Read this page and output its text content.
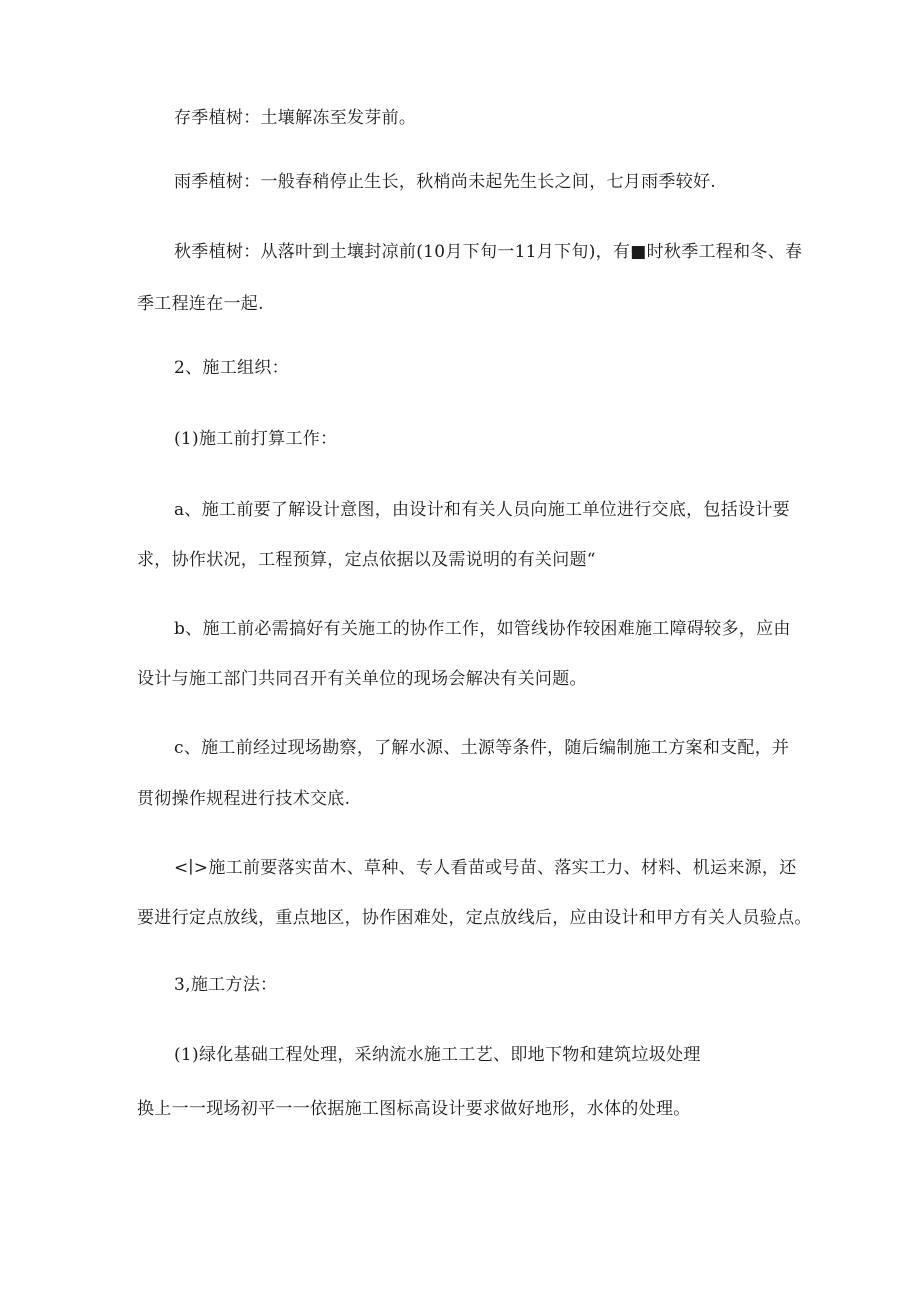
存季植树：土壤解冻至发芽前。
雨季植树：一般春稍停止生长，秋梢尚未起先生长之间，七月雨季较好.
秋季植树：从落叶到土壤封凉前(10月下旬一11月下旬)，有■时秋季工程和冬、春
季工程连在一起.
2、施工组织：
(1)施工前打算工作：
a、施工前要了解设计意图，由设计和有关人员向施工单位进行交底，包括设计要
求，协作状况，工程预算，定点依据以及需说明的有关问题“
b、施工前必需搞好有关施工的协作工作，如管线协作较困难施工障碍较多，应由
设计与施工部门共同召开有关单位的现场会解决有关问题。
c、施工前经过现场勘察，了解水源、土源等条件，随后编制施工方案和支配，并
贯彻操作规程进行技术交底.
<∣>施工前要落实苗木、草种、专人看苗或号苗、落实工力、材料、机运来源，还
要进行定点放线，重点地区，协作困难处，定点放线后，应由设计和甲方有关人员验点。
3,施工方法：
(1)绿化基础工程处理，采纳流水施工工艺、即地下物和建筑垃圾处理
换上一一现场初平一一依据施工图标高设计要求做好地形，水体的处理。
